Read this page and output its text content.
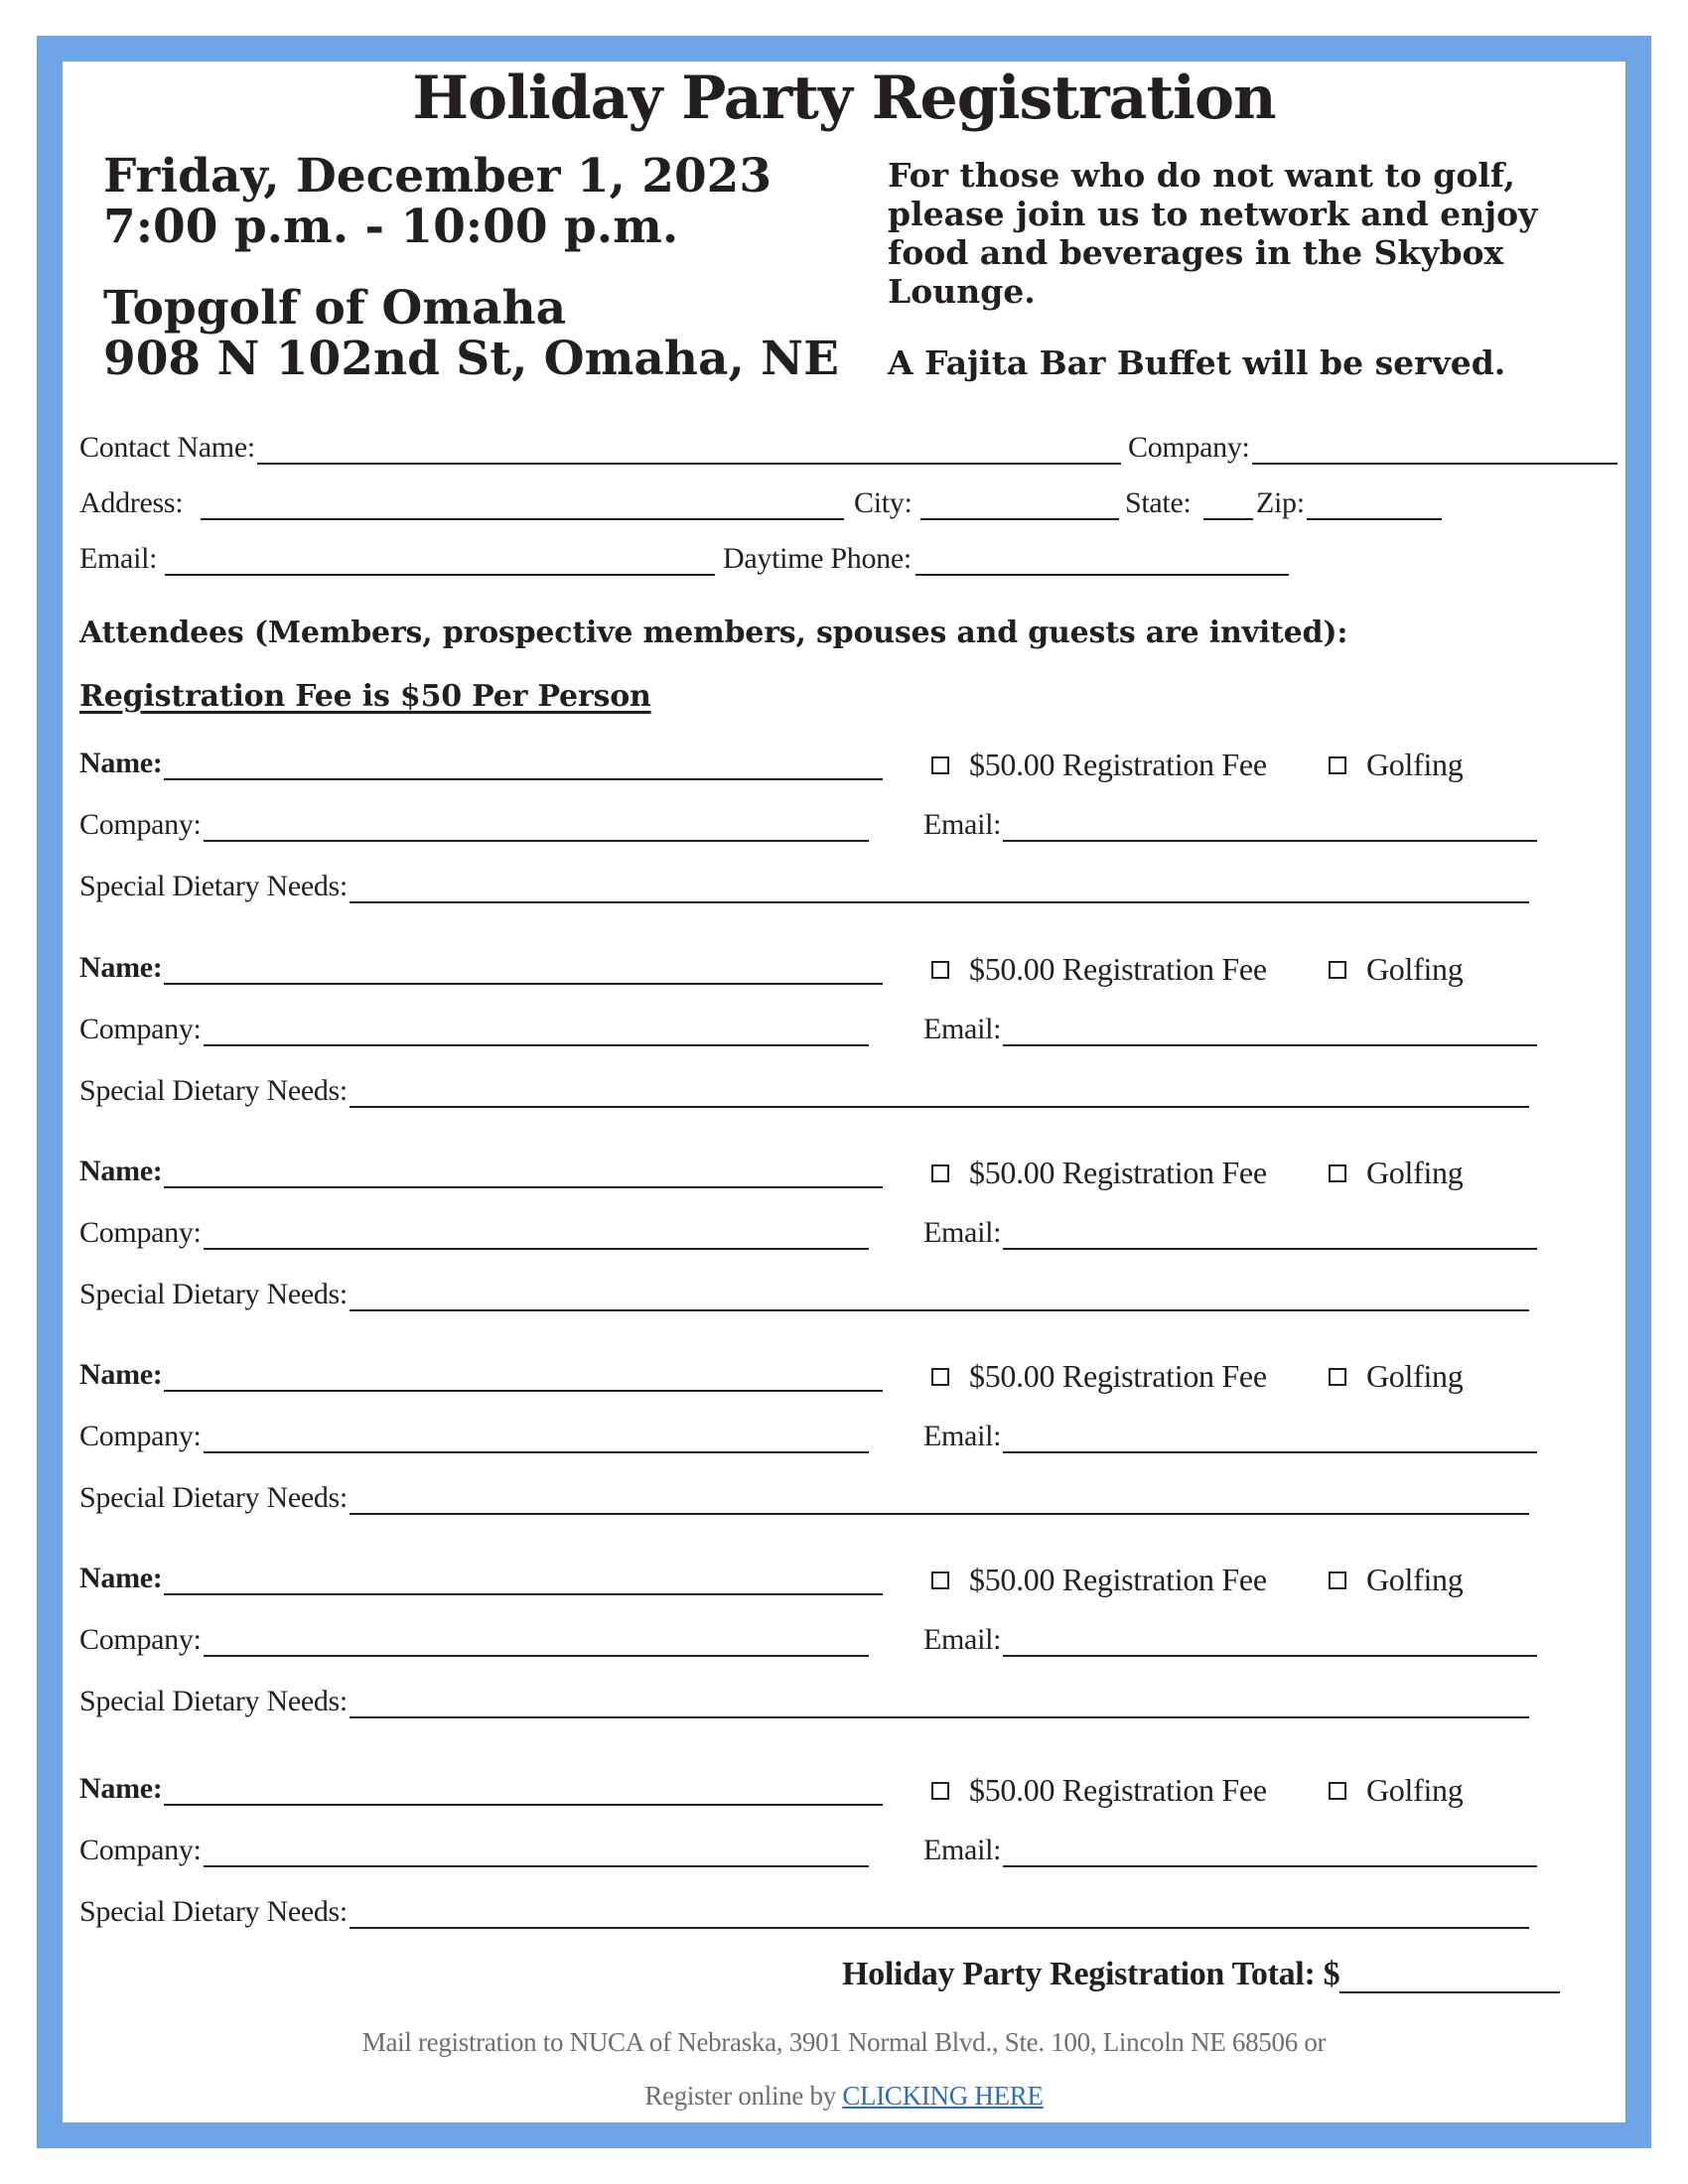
Holiday Party Registration
Friday, December 1, 2023
7:00 p.m. - 10:00 p.m.
Topgolf of Omaha
908 N 102nd St, Omaha, NE
For those who do not want to golf, please join us to network and enjoy food and beverages in the Skybox Lounge.
A Fajita Bar Buffet will be served.
Contact Name:	Company:
Address:	City:	State: Zip:
Email:	Daytime Phone:
Attendees (Members, prospective members, spouses and guests are invited):
Registration Fee is $50 Per Person
Name:	$50.00 Registration Fee	Golfing
Company:	Email:
Special Dietary Needs:
Name:	$50.00 Registration Fee	Golfing
Company:	Email:
Special Dietary Needs:
Name:	$50.00 Registration Fee	Golfing
Company:	Email:
Special Dietary Needs:
Name:	$50.00 Registration Fee	Golfing
Company:	Email:
Special Dietary Needs:
Name:	$50.00 Registration Fee	Golfing
Company:	Email:
Special Dietary Needs:
Name:	$50.00 Registration Fee	Golfing
Company:	Email:
Special Dietary Needs:
Holiday Party Registration Total: $
Mail registration to NUCA of Nebraska, 3901 Normal Blvd., Ste. 100, Lincoln NE 68506 or
Register online by CLICKING HERE
